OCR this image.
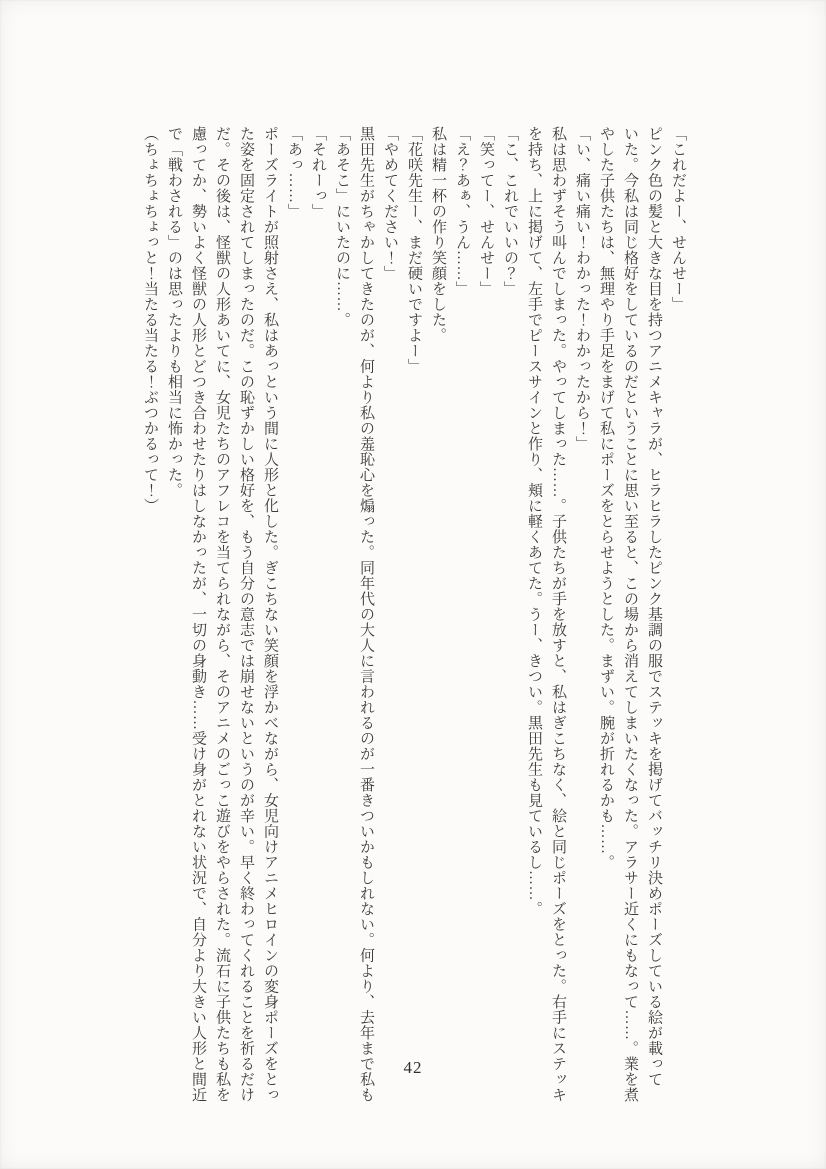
「これだよー、せんせー」

ピンク色の髪と大きな目を持つアニメキャラが、ヒラヒラしたピンク基調の服でステッキを掲げてバッチリ決めポーズしている絵が載って

いた。今私は同じ格好をしているのだということに思い至ると、この場から消えてしまいたくなった。アラサー近くにもなって……。業を煮

やした子供たちは、無理やり手足をまげて私にポーズをとらせようとした。まずい。腕が折れるかも……。

「い、痛い痛い！わかった！わかったから！」

私は思わずそう叫んでしまった。やってしまった……。子供たちが手を放すと、私はぎこちなく、絵と同じポーズをとった。右手にステッキ

を持ち、上に掲げて、左手でピースサインと作り、頬に軽くあてた。うー、きつい。黒田先生も見ているし……。

「こ、これでいいの？」

「笑ってー、せんせー」

「え？あぁ、うん……」

私は精一杯の作り笑顔をした。

「花咲先生ー、まだ硬いですよー」

「やめてください！」

黒田先生がちゃかしてきたのが、何より私の羞恥心を煽った。同年代の大人に言われるのが一番きついかもしれない。何より、去年まで私も

「あそこ」にいたのに……。

「それーっ」

「あっ……」

ポーズライトが照射さえ、私はあっという間に人形と化した。ぎこちない笑顔を浮かべながら、女児向けアニメヒロインの変身ポーズをとっ

た姿を固定されてしまったのだ。この恥ずかしい格好を、もう自分の意志では崩せないというのが辛い。早く終わってくれることを祈るだけ

だ。その後は、怪獣の人形あいてに、女児たちのアフレコを当てられながら、そのアニメのごっこ遊びをやらされた。流石に子供たちも私を

慮ってか、勢いよく怪獣の人形とどつき合わせたりはしなかったが、一切の身動き……受け身がとれない状況で、自分より大きい人形と間近

で「戦わされる」のは思ったよりも相当に怖かった。

（ちょちょちょっと！当たる当たる！ぶつかるって！）

42
